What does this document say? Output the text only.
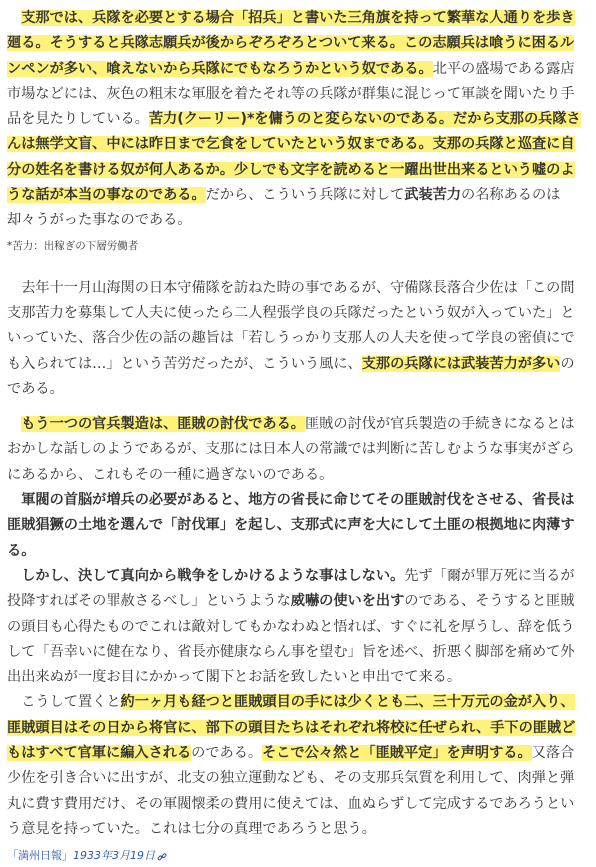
支那では、兵隊を必要とする場合「招兵」と書いた三角旗を持って繁華な人通りを歩き廻る。そうすると兵隊志願兵が後からぞろぞろとついて来る。この志願兵は喰うに困るルンペンが多い、喰えないから兵隊にでもなろうかという奴である。北平の盛場である露店市場などには、灰色の粗末な軍服を着たそれ等の兵隊が群集に混じって軍談を聞いたり手品を見たりしている。苦力(クーリー)*を傭うのと変らないのである。だから支那の兵隊さんは無学文盲、中には昨日まで乞食をしていたという奴まである。支那の兵隊と巡査に自分の姓名を書ける奴が何人あるか。少しでも文字を読めると一躍出世出来るという嘘のような話が本当の事なのである。だから、こういう兵隊に対して武装苦力の名称あるのは却々うがった事なのである。

*苦力：出稼ぎの下層労働者

去年十一月山海関の日本守備隊を訪ねた時の事であるが、守備隊長落合少佐は「この間支那苦力を募集して人夫に使ったら二人程張学良の兵隊だったという奴が入っていた」といっていた、落合少佐の話の趣旨は「若しうっかり支那人の人夫を使って学良の密偵にでも入られては…」という苦労だったが、こういう風に、支那の兵隊には武装苦力が多いのである。

もう一つの官兵製造は、匪賊の討伐である。匪賊の討伐が官兵製造の手続きになるとはおかしな話しのようであるが、支那には日本人の常識では判断に苦しむような事実がざらにあるから、これもその一種に過ぎないのである。

軍閥の首脳が増兵の必要があると、地方の省長に命じてその匪賊討伐をさせる、省長は匪賊猖獗の土地を選んで「討伐軍」を起し、支那式に声を大にして土匪の根拠地に肉薄する。

しかし、決して真向から戦争をしかけるような事はしない。先ず「爾が罪万死に当るが投降すればその罪赦さるべし」というような威嚇の使いを出すのである、そうすると匪賊の頭目も心得たものでこれは敵対してもかなわぬと悟れば、すぐに礼を厚うし、辞を低うして「吾幸いに健在なり、省長亦健康ならん事を望む」旨を述べ、折悪く脚部を痛めて外出出来ぬが一度お目にかかって閣下とお話を致したいと申出でて来る。

こうして置くと約一ヶ月も経つと匪賊頭目の手には少くとも二、三十万元の金が入り、匪賊頭目はその日から将官に、部下の頭目たちはそれぞれ将校に任ぜられ、手下の匪賊どもはすべて官軍に編入されるのである。そこで公々然と「匪賊平定」を声明する。又落合少佐を引き合いに出すが、北支の独立運動なども、その支那兵気質を利用して、肉弾と弾丸に費す費用だけ、その軍閥懐柔の費用に使えては、血ぬらずして完成するであろうという意見を持っていた。これは七分の真理であろうと思う。

「満州日報」1933年3月19日
